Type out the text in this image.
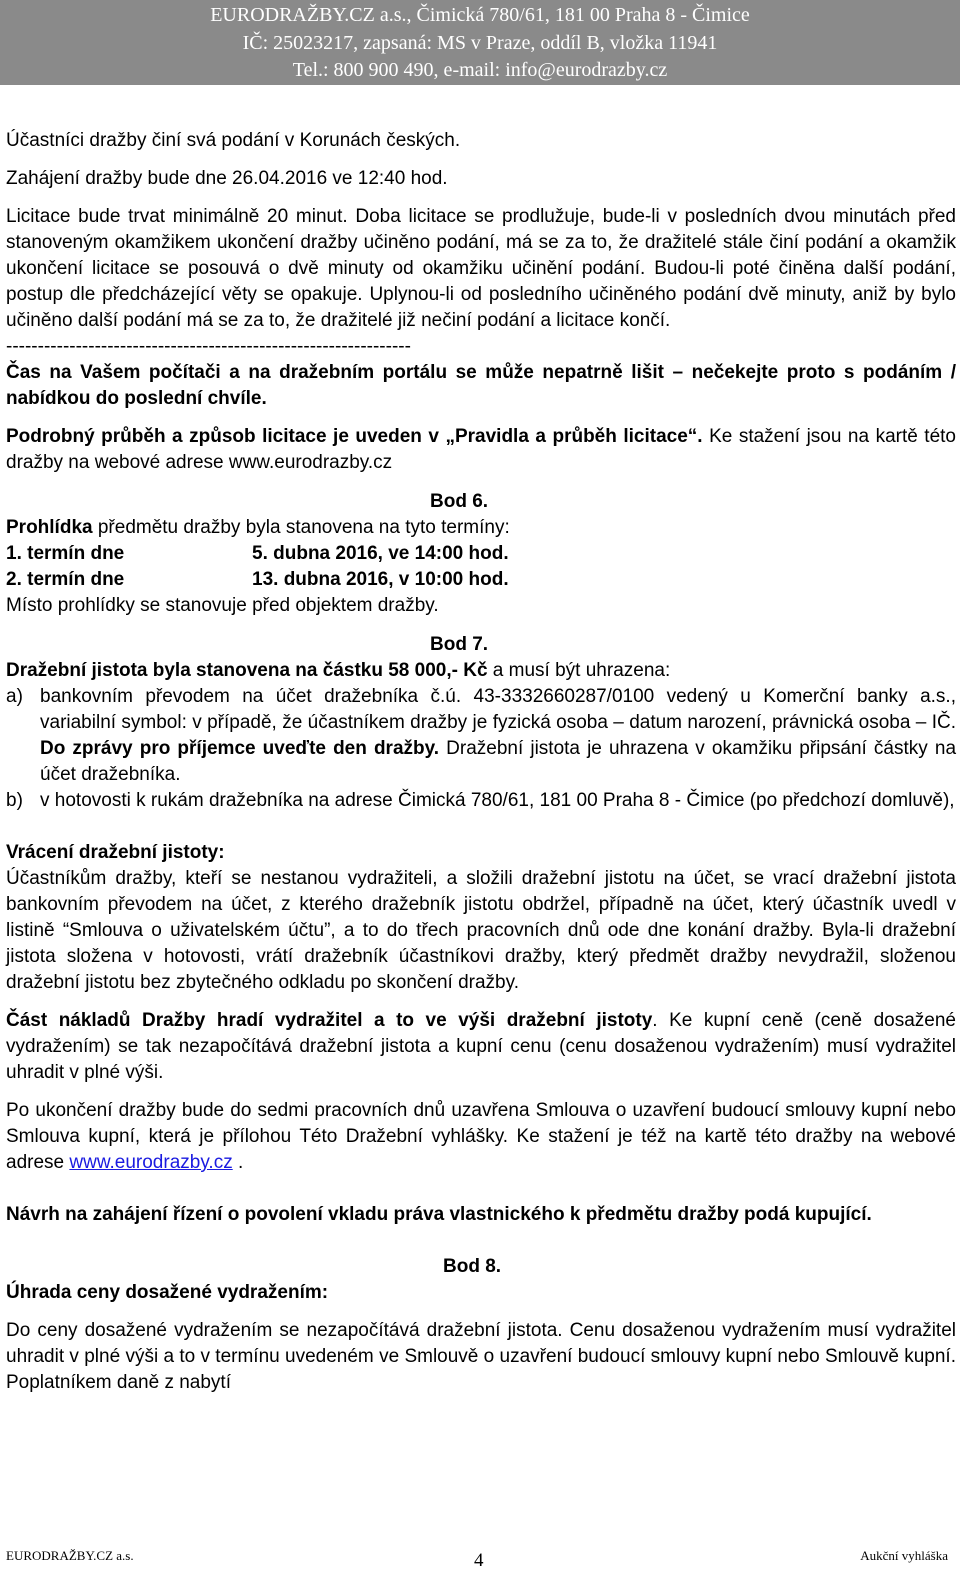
EURODRAŽBY.CZ a.s., Čimická 780/61, 181 00 Praha 8 - Čimice
IČ: 25023217, zapsaná: MS v Praze, oddíl B, vložka 11941
Tel.: 800 900 490, e-mail: info@eurodrazby.cz

Účastníci dražby činí svá podání v Korunách českých.

Zahájení dražby bude dne 26.04.2016 ve 12:40 hod.

Licitace bude trvat minimálně 20 minut. Doba licitace se prodlužuje, bude-li v posledních dvou minutách před stanoveným okamžikem ukončení dražby učiněno podání, má se za to, že dražitelé stále činí podání a okamžik ukončení licitace se posouvá o dvě minuty od okamžiku učinění podání. Budou-li poté činěna další podání, postup dle předcházející věty se opakuje. Uplynou-li od posledního učiněného podání dvě minuty, aniž by bylo učiněno další podání má se za to, že dražitelé již nečiní podání a licitace končí.

----------------------------------------------------------------

Čas na Vašem počítači a na dražebním portálu se může nepatrně lišit – nečekejte proto s podáním / nabídkou do poslední chvíle.

Podrobný průběh a způsob licitace je uveden v „Pravidla a průběh licitace“. Ke stažení jsou na kartě této dražby na webové adrese www.eurodrazby.cz

Bod 6.

Prohlídka předmětu dražby byla stanovena na tyto termíny:

1. termín dne	5. dubna 2016, ve 14:00 hod.
2. termín dne	13. dubna 2016, v 10:00 hod.

Místo prohlídky se stanovuje před objektem dražby.

Bod 7.

Dražební jistota byla stanovena na částku 58 000,- Kč a musí být uhrazena:

a) bankovním převodem na účet dražebníka č.ú. 43-3332660287/0100 vedený u Komerční banky a.s., variabilní symbol: v případě, že účastníkem dražby je fyzická osoba – datum narození, právnická osoba – IČ. Do zprávy pro příjemce uveďte den dražby. Dražební jistota je uhrazena v okamžiku připsání částky na účet dražebníka.
b) v hotovosti k rukám dražebníka na adrese Čimická 780/61, 181 00 Praha 8 - Čimice (po předchozí domluvě),

Vrácení dražební jistoty:

Účastníkům dražby, kteří se nestanou vydražiteli, a složili dražební jistotu na účet, se vrací dražební jistota bankovním převodem na účet, z kterého dražebník jistotu obdržel, případně na účet, který účastník uvedl v listině “Smlouva o uživatelském účtu”, a to do třech pracovních dnů ode dne konání dražby. Byla-li dražební jistota složena v hotovosti, vrátí dražebník účastníkovi dražby, který předmět dražby nevydražil, složenou dražební jistotu bez zbytečného odkladu po skončení dražby.

Část nákladů Dražby hradí vydražitel a to ve výši dražební jistoty. Ke kupní ceně (ceně dosažené vydražením) se tak nezapočítává dražební jistota a kupní cenu (cenu dosaženou vydražením) musí vydražitel uhradit v plné výši.

Po ukončení dražby bude do sedmi pracovních dnů uzavřena Smlouva o uzavření budoucí smlouvy kupní nebo Smlouva kupní, která je přílohou Této Dražební vyhlášky. Ke stažení je též na kartě této dražby na webové adrese www.eurodrazby.cz .

Návrh na zahájení řízení o povolení vkladu práva vlastnického k předmětu dražby podá kupující.

Bod 8.

Úhrada ceny dosažené vydražením:

Do ceny dosažené vydražením se nezapočítává dražební jistota. Cenu dosaženou vydražením musí vydražitel uhradit v plné výši a to v termínu uvedeném ve Smlouvě o uzavření budoucí smlouvy kupní nebo Smlouvě kupní. Poplatníkem daně z nabytí

EURODRAŽBY.CZ a.s.	4	Aukční vyhláška
